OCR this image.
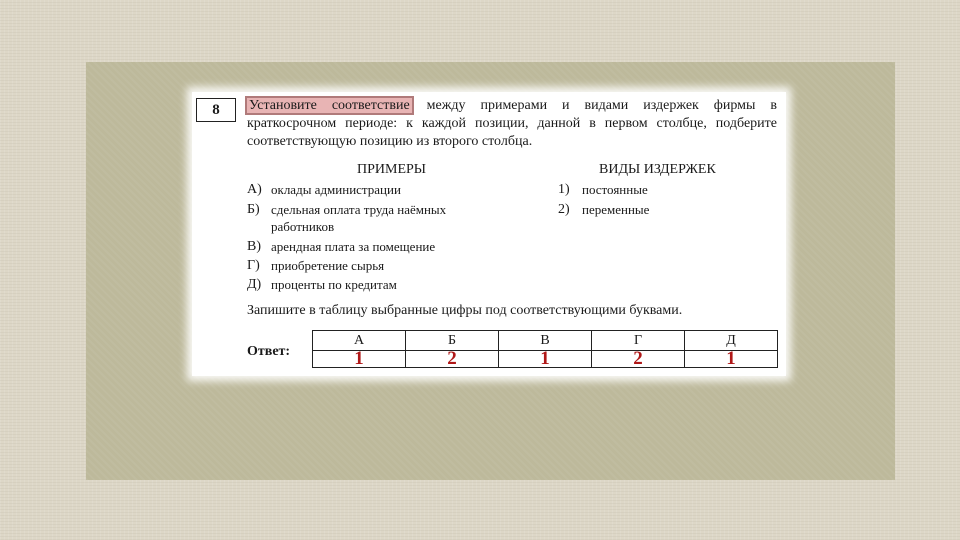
8	Установите соответствие между примерами и видами издержек фирмы в краткосрочном периоде: к каждой позиции, данной в первом столбце, подберите соответствующую позицию из второго столбца.

ПРИМЕРЫ	ВИДЫ ИЗДЕРЖЕК
А) оклады администрации
Б) сдельная оплата труда наёмных работников
В) арендная плата за помещение
Г) приобретение сырья
Д) проценты по кредитам
1) постоянные
2) переменные
Запишите в таблицу выбранные цифры под соответствующими буквами.
Ответ:
А	Б	В	Г	Д
1	2	1	2	1
